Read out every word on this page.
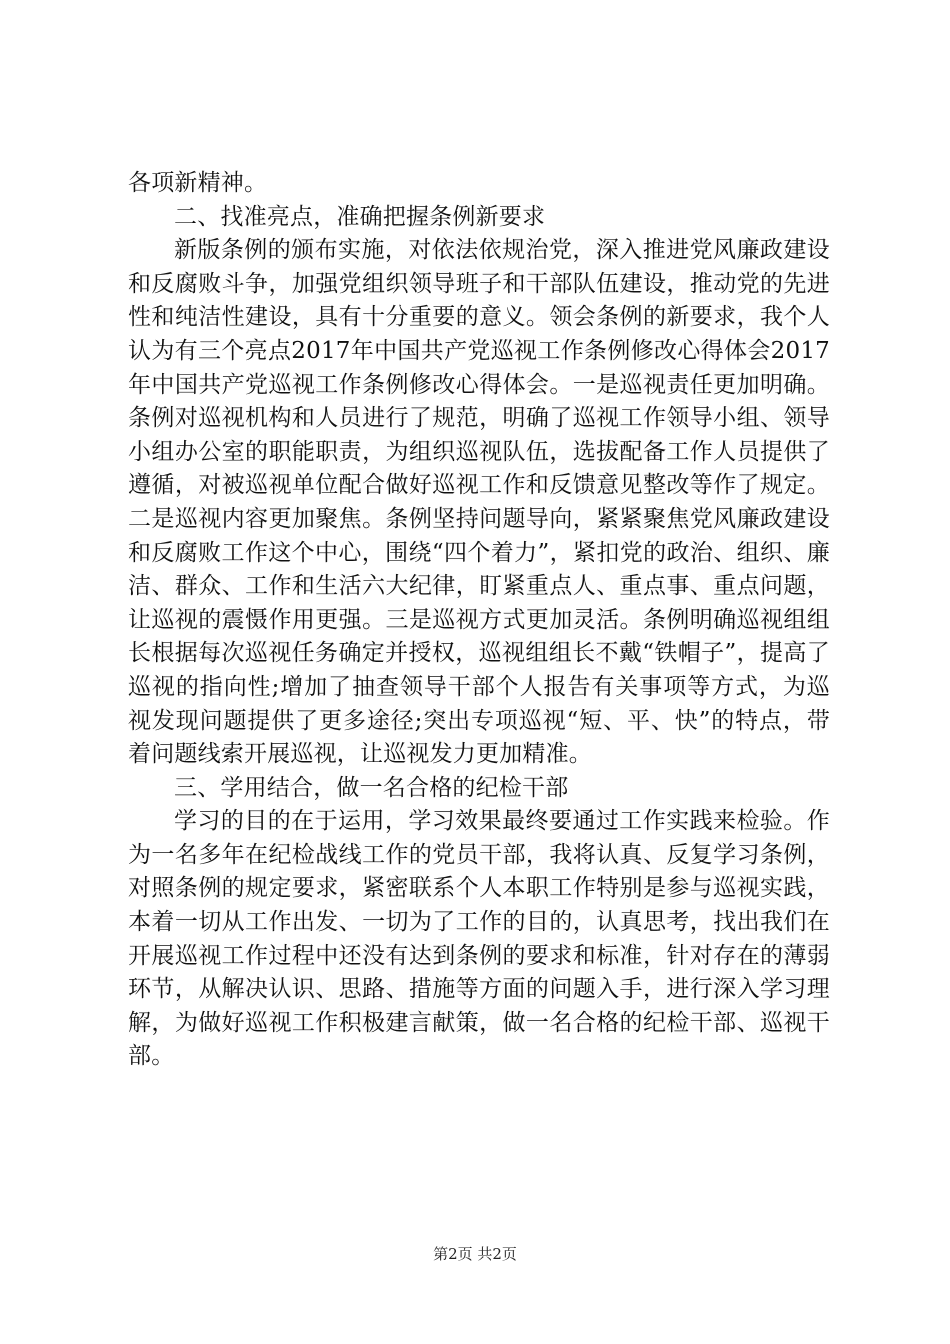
各项新精神。

二、找准亮点，准确把握条例新要求

新版条例的颁布实施，对依法依规治党，深入推进党风廉政建设和反腐败斗争，加强党组织领导班子和干部队伍建设，推动党的先进性和纯洁性建设，具有十分重要的意义。领会条例的新要求，我个人认为有三个亮点2017年中国共产党巡视工作条例修改心得体会2017年中国共产党巡视工作条例修改心得体会。一是巡视责任更加明确。条例对巡视机构和人员进行了规范，明确了巡视工作领导小组、领导小组办公室的职能职责，为组织巡视队伍，选拔配备工作人员提供了遵循，对被巡视单位配合做好巡视工作和反馈意见整改等作了规定。二是巡视内容更加聚焦。条例坚持问题导向，紧紧聚焦党风廉政建设和反腐败工作这个中心，围绕“四个着力”，紧扣党的政治、组织、廉洁、群众、工作和生活六大纪律，盯紧重点人、重点事、重点问题，让巡视的震慑作用更强。三是巡视方式更加灵活。条例明确巡视组组长根据每次巡视任务确定并授权，巡视组组长不戴“铁帽子”，提高了巡视的指向性;增加了抽查领导干部个人报告有关事项等方式，为巡视发现问题提供了更多途径;突出专项巡视“短、平、快”的特点，带着问题线索开展巡视，让巡视发力更加精准。

三、学用结合，做一名合格的纪检干部

学习的目的在于运用，学习效果最终要通过工作实践来检验。作为一名多年在纪检战线工作的党员干部，我将认真、反复学习条例，对照条例的规定要求，紧密联系个人本职工作特别是参与巡视实践，本着一切从工作出发、一切为了工作的目的，认真思考，找出我们在开展巡视工作过程中还没有达到条例的要求和标准，针对存在的薄弱环节，从解决认识、思路、措施等方面的问题入手，进行深入学习理解，为做好巡视工作积极建言献策，做一名合格的纪检干部、巡视干部。

第2页 共2页
